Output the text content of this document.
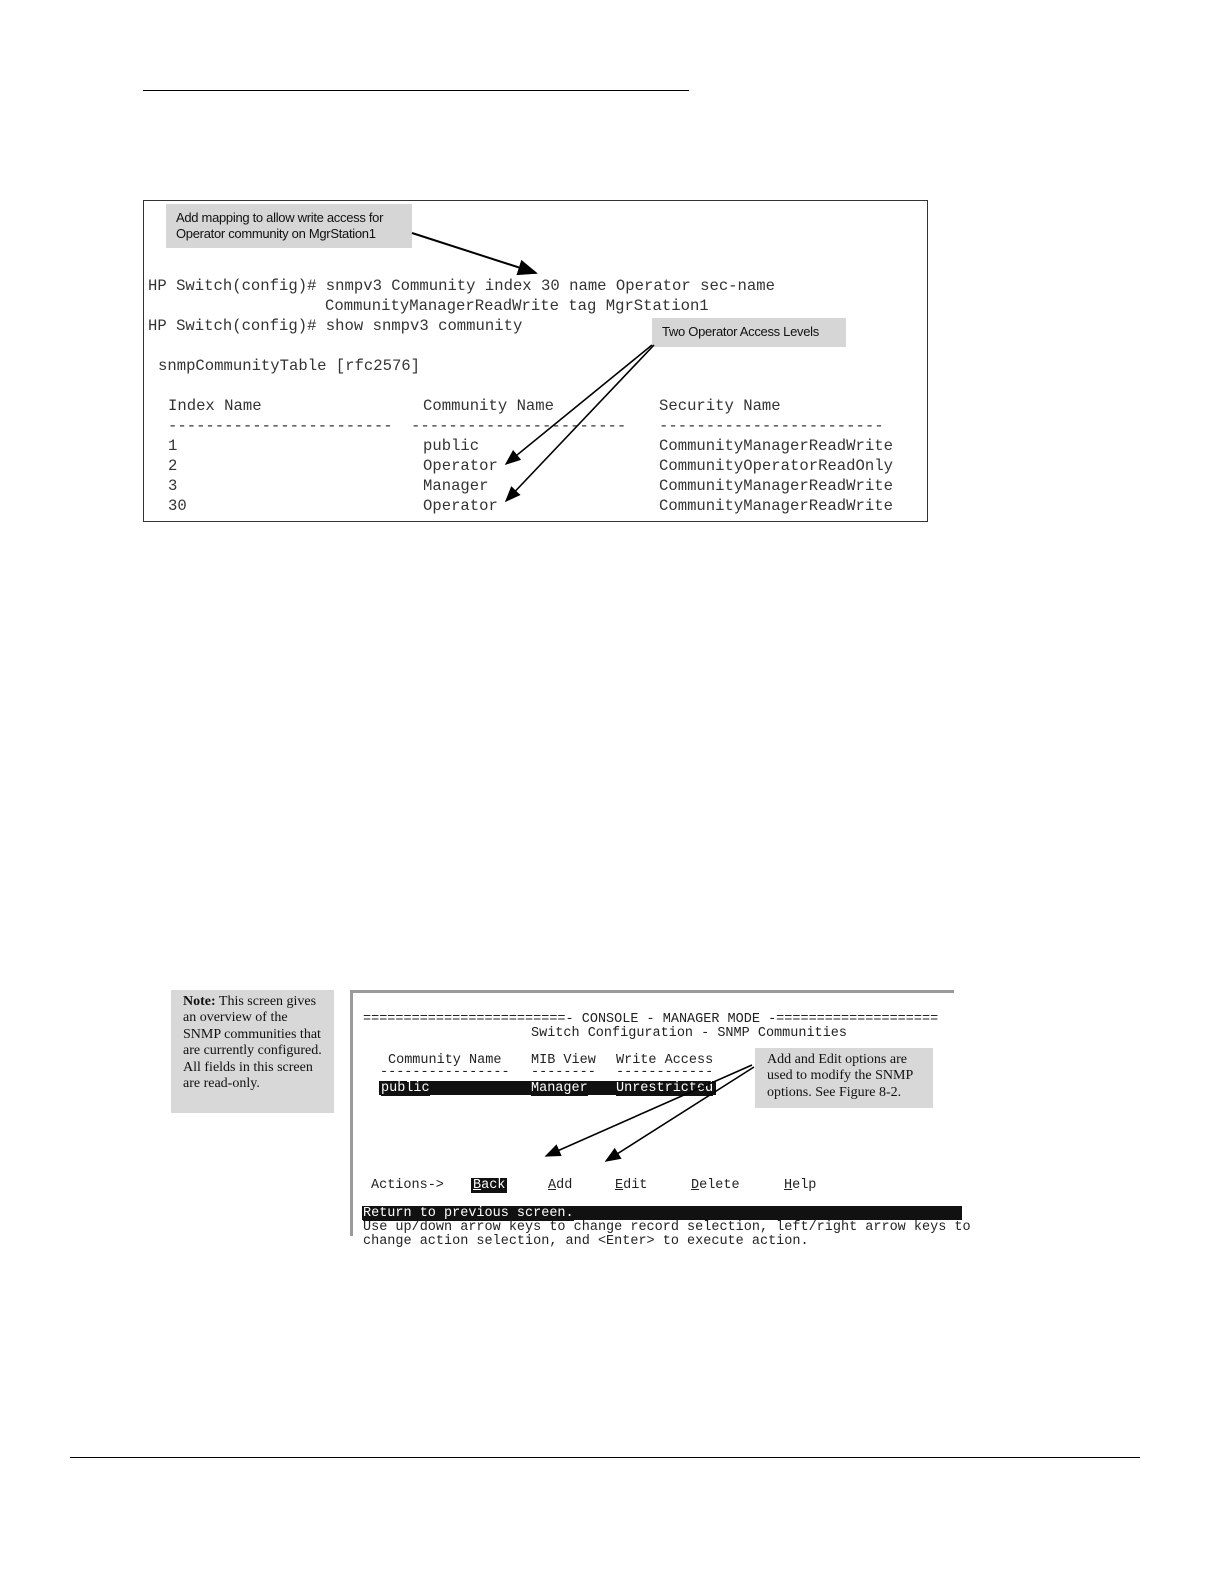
Add mapping to allow write access for
Operator community on MgrStation1
Two Operator Access Levels
HP Switch(config)# snmpv3 Community index 30 name Operator sec-name
CommunityManagerReadWrite tag MgrStation1
HP Switch(config)# show snmpv3 community
snmpCommunityTable [rfc2576]
Index Name	Community Name	Security Name
------------------------ ----------------------- ------------------------
1	public	CommunityManagerReadWrite
2	Operator	CommunityOperatorReadOnly
3	Manager	CommunityManagerReadWrite
30	Operator	CommunityManagerReadWrite
Note: This screen gives an overview of the SNMP communities that are currently configured. All fields in this screen are read-only.
=========================- CONSOLE - MANAGER MODE -====================
Switch Configuration - SNMP Communities
Community Name MIB View Write Access
---------------- -------- ------------
public	Manager Unrestricted
Add and Edit options are used to modify the SNMP options. See Figure 8-2.
Actions-> Back	Add	Edit	Delete	Help
Return to previous screen.
Use up/down arrow keys to change record selection, left/right arrow keys to
change action selection, and <Enter> to execute action.
